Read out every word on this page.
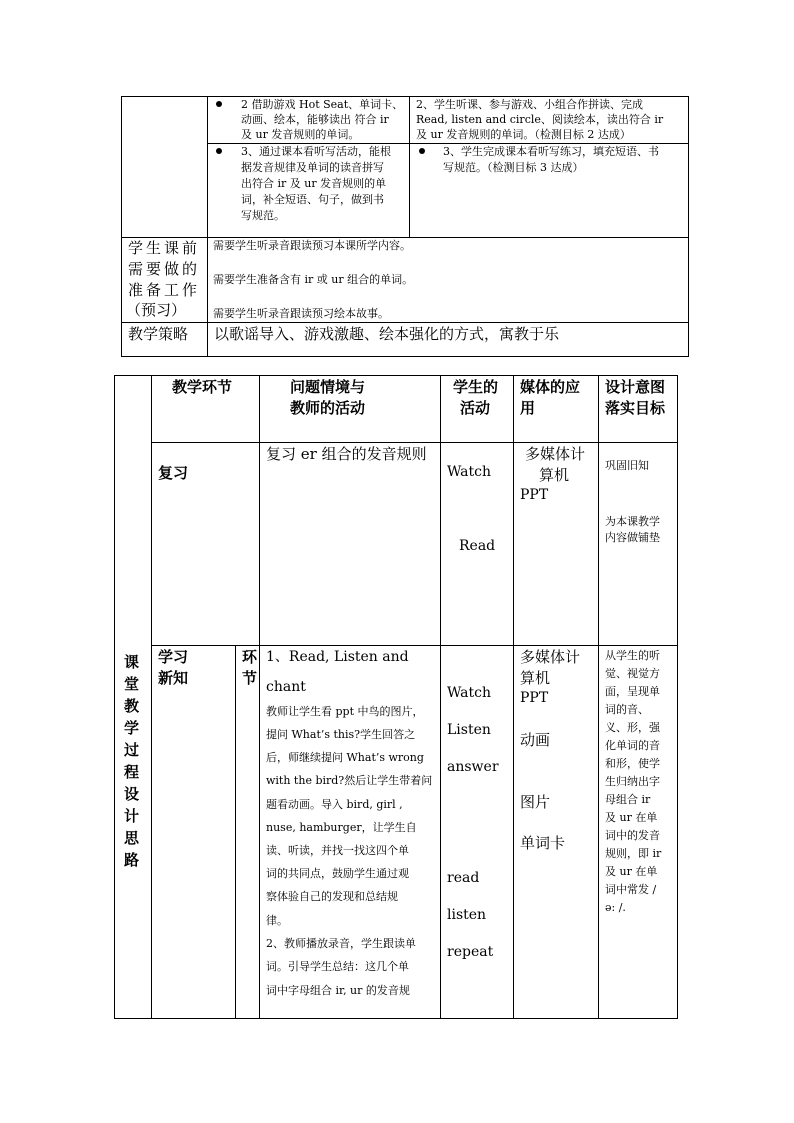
2 借助游戏 Hot Seat、单词卡、
动画、绘本，能够读出 符合 ir
及 ur 发音规则的单词。
2、学生听课、参与游戏、小组合作拼读、完成
Read, listen and circle、阅读绘本，读出符合 ir
及 ur 发音规则的单词。（检测目标 2 达成）
3、通过课本看听写活动，能根
据发音规律及单词的读音拼写
出符合 ir 及 ur 发音规则的单
词，补全短语、句子，做到书
写规范。
3、学生完成课本看听写练习，填充短语、书
写规范。（检测目标 3 达成）
学生课前
需要做的
准备工作
（预习）
需要学生听录音跟读预习本课所学内容。
需要学生准备含有 ir 或 ur 组合的单词。
需要学生听录音跟读预习绘本故事。
教学策略 以歌谣导入、游戏激趣、绘本强化的方式，寓教于乐
课
堂
教
学
过
程
设
计
思
路
教学环节	问题情境与
教师的活动
学生的
活动
媒体的应
用
设计意图
落实目标
复习
复习 er 组合的发音规则
Watch
Read
多媒体计
算机
PPT
巩固旧知
为本课教学
内容做铺垫
学习
新知
环
节
1、Read, Listen and
chant
教师让学生看 ppt 中鸟的图片，
提问 What’s this?学生回答之
后，师继续提问 What’s wrong
with the bird?然后让学生带着问
题看动画。导入 bird, girl ,
nuse, hamburger，让学生自
读、听读，并找一找这四个单
词的共同点，鼓励学生通过观
察体验自己的发现和总结规
律。
2、教师播放录音，学生跟读单
词。引导学生总结：这几个单
词中字母组合 ir, ur 的发音规
Watch
Listen
answer
read
listen
repeat
多媒体计
算机
PPT
动画
图片
单词卡
从学生的听
觉、视觉方
面，呈现单
词的音、
义、形，强
化单词的音
和形，使学
生归纳出字
母组合 ir
及 ur 在单
词中的发音
规则，即 ir
及 ur 在单
词中常发 /
ə: /.
